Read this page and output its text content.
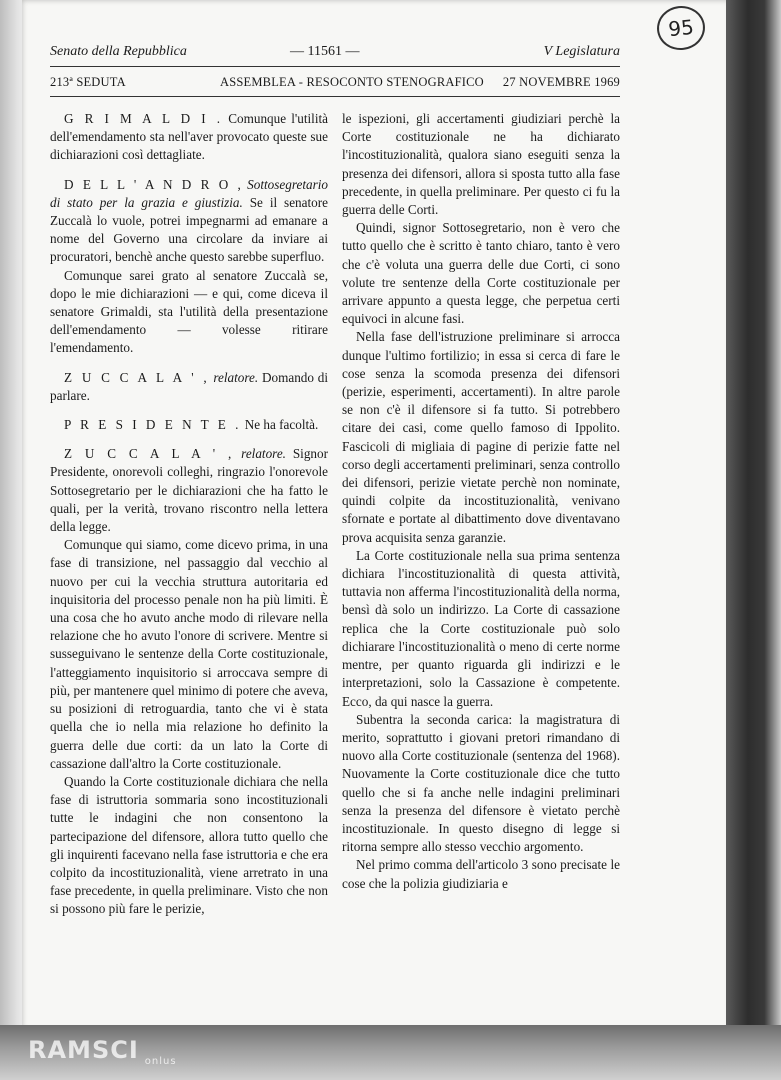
95
Senato della Repubblica	— 11561 —	V Legislatura
213ª SEDUTA	ASSEMBLEA - RESOCONTO STENOGRAFICO 27 NOVEMBRE 1969

G R I M A L D I . Comunque l'utilità dell'emendamento sta nell'aver provocato queste sue dichiarazioni così dettagliate.

D E L L ' A N D R O , Sottosegretario di stato per la grazia e giustizia. Se il senatore Zuccalà lo vuole, potrei impegnarmi ad emanare a nome del Governo una circolare da inviare ai procuratori, benchè anche questo sarebbe superfluo.

Comunque sarei grato al senatore Zuccalà se, dopo le mie dichiarazioni — e qui, come diceva il senatore Grimaldi, sta l'utilità della presentazione dell'emendamento — volesse ritirare l'emendamento.

Z U C C A L A ' , relatore. Domando di parlare.

P R E S I D E N T E . Ne ha facoltà.

Z U C C A L A ' , relatore. Signor Presidente, onorevoli colleghi, ringrazio l'onorevole Sottosegretario per le dichiarazioni che ha fatto le quali, per la verità, trovano riscontro nella lettera della legge.

Comunque qui siamo, come dicevo prima, in una fase di transizione, nel passaggio dal vecchio al nuovo per cui la vecchia struttura autoritaria ed inquisitoria del processo penale non ha più limiti. È una cosa che ho avuto anche modo di rilevare nella relazione che ho avuto l'onore di scrivere. Mentre si susseguivano le sentenze della Corte costituzionale, l'atteggiamento inquisitorio si arroccava sempre di più, per mantenere quel minimo di potere che aveva, su posizioni di retroguardia, tanto che vi è stata quella che io nella mia relazione ho definito la guerra delle due corti: da un lato la Corte di cassazione dall'altro la Corte costituzionale.

Quando la Corte costituzionale dichiara che nella fase di istruttoria sommaria sono incostituzionali tutte le indagini che non consentono la partecipazione del difensore, allora tutto quello che gli inquirenti facevano nella fase istruttoria e che era colpito da incostituzionalità, viene arretrato in una fase precedente, in quella preliminare. Visto che non si possono più fare le perizie,

le ispezioni, gli accertamenti giudiziari perchè la Corte costituzionale ne ha dichiarato l'incostituzionalità, qualora siano eseguiti senza la presenza dei difensori, allora si sposta tutto alla fase precedente, in quella preliminare. Per questo ci fu la guerra delle Corti.

Quindi, signor Sottosegretario, non è vero che tutto quello che è scritto è tanto chiaro, tanto è vero che c'è voluta una guerra delle due Corti, ci sono volute tre sentenze della Corte costituzionale per arrivare appunto a questa legge, che perpetua certi equivoci in alcune fasi.

Nella fase dell'istruzione preliminare si arrocca dunque l'ultimo fortilizio; in essa si cerca di fare le cose senza la scomoda presenza dei difensori (perizie, esperimenti, accertamenti). In altre parole se non c'è il difensore si fa tutto. Si potrebbero citare dei casi, come quello famoso di Ippolito. Fascicoli di migliaia di pagine di perizie fatte nel corso degli accertamenti preliminari, senza controllo dei difensori, perizie vietate perchè non nominate, quindi colpite da incostituzionalità, venivano sfornate e portate al dibattimento dove diventavano prova acquisita senza garanzie.

La Corte costituzionale nella sua prima sentenza dichiara l'incostituzionalità di questa attività, tuttavia non afferma l'incostituzionalità della norma, bensì dà solo un indirizzo. La Corte di cassazione replica che la Corte costituzionale può solo dichiarare l'incostituzionalità o meno di certe norme mentre, per quanto riguarda gli indirizzi e le interpretazioni, solo la Cassazione è competente. Ecco, da qui nasce la guerra.

Subentra la seconda carica: la magistratura di merito, soprattutto i giovani pretori rimandano di nuovo alla Corte costituzionale (sentenza del 1968). Nuovamente la Corte costituzionale dice che tutto quello che si fa anche nelle indagini preliminari senza la presenza del difensore è vietato perchè incostituzionale. In questo disegno di legge si ritorna sempre allo stesso vecchio argomento.

Nel primo comma dell'articolo 3 sono precisate le cose che la polizia giudiziaria e

RAMSCI onlus
